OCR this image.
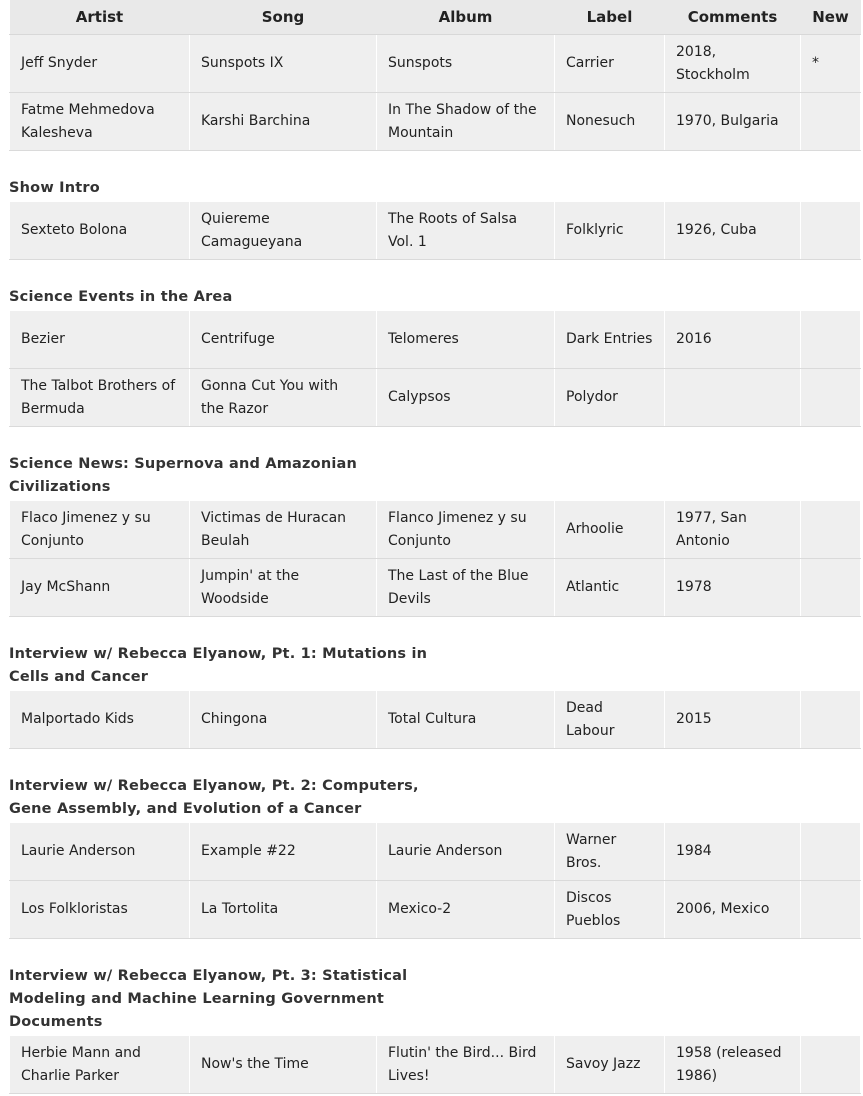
Artist	Song	Album	Label	Comments	New
Jeff Snyder	Sunspots IX	Sunspots	Carrier	2018, Stockholm	*
Fatme Mehmedova Kalesheva	Karshi Barchina	In The Shadow of the Mountain	Nonesuch	1970, Bulgaria	
Show Intro
Sexteto Bolona	Quiereme Camagueyana	The Roots of Salsa Vol. 1	Folklyric	1926, Cuba	
Science Events in the Area
Bezier	Centrifuge	Telomeres	Dark Entries	2016	
The Talbot Brothers of Bermuda	Gonna Cut You with the Razor	Calypsos	Polydor		
Science News: Supernova and Amazonian Civilizations
Flaco Jimenez y su Conjunto	Victimas de Huracan Beulah	Flanco Jimenez y su Conjunto	Arhoolie	1977, San Antonio	
Jay McShann	Jumpin' at the Woodside	The Last of the Blue Devils	Atlantic	1978	
Interview w/ Rebecca Elyanow, Pt. 1: Mutations in Cells and Cancer
Malportado Kids	Chingona	Total Cultura	Dead Labour	2015	
Interview w/ Rebecca Elyanow, Pt. 2: Computers, Gene Assembly, and Evolution of a Cancer
Laurie Anderson	Example #22	Laurie Anderson	Warner Bros.	1984	
Los Folkloristas	La Tortolita	Mexico-2	Discos Pueblos	2006, Mexico	
Interview w/ Rebecca Elyanow, Pt. 3: Statistical Modeling and Machine Learning Government Documents
Herbie Mann and Charlie Parker	Now's the Time	Flutin' the Bird... Bird Lives!	Savoy Jazz	1958 (released 1986)	
